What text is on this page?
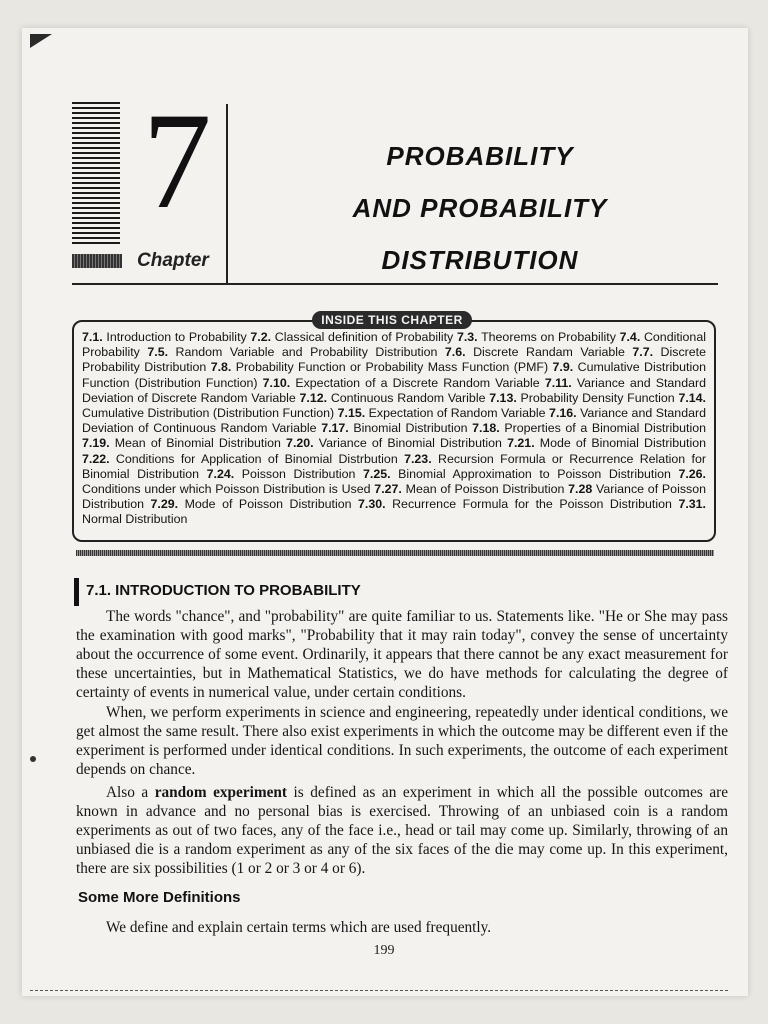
7
Chapter
PROBABILITY
AND PROBABILITY
DISTRIBUTION
INSIDE THIS CHAPTER
7.1. Introduction to Probability 7.2. Classical definition of Probability 7.3. Theorems on Probability 7.4. Conditional Probability 7.5. Random Variable and Probability Distribution 7.6. Discrete Randam Variable 7.7. Discrete Probability Distribution 7.8. Probability Function or Probability Mass Function (PMF) 7.9. Cumulative Distribution Function (Distribution Function) 7.10. Expectation of a Discrete Random Variable 7.11. Variance and Standard Deviation of Discrete Random Variable 7.12. Continuous Random Varible 7.13. Probability Density Function 7.14. Cumulative Distribution (Distribution Function) 7.15. Expectation of Random Variable 7.16. Variance and Standard Deviation of Continuous Random Variable 7.17. Binomial Distribution 7.18. Properties of a Binomial Distribution 7.19. Mean of Binomial Distribution 7.20. Variance of Binomial Distribution 7.21. Mode of Binomial Distribution 7.22. Conditions for Application of Binomial Distrbution 7.23. Recursion Formula or Recurrence Relation for Binomial Distribution 7.24. Poisson Distribution 7.25. Binomial Approximation to Poisson Distribution 7.26. Conditions under which Poisson Distribution is Used 7.27. Mean of Poisson Distribution 7.28 Variance of Poisson Distribution 7.29. Mode of Poisson Distribution 7.30. Recurrence Formula for the Poisson Distribution 7.31. Normal Distribution
7.1. INTRODUCTION TO PROBABILITY

The words "chance", and "probability" are quite familiar to us. Statements like. "He or She may pass the examination with good marks", "Probability that it may rain today", convey the sense of uncertainty about the occurrence of some event. Ordinarily, it appears that there cannot be any exact measurement for these uncertainties, but in Mathematical Statistics, we do have methods for calculating the degree of certainty of events in numerical value, under certain conditions.

When, we perform experiments in science and engineering, repeatedly under identical conditions, we get almost the same result. There also exist experiments in which the outcome may be different even if the experiment is performed under identical conditions. In such experiments, the outcome of each experiment depends on chance.

Also a random experiment is defined as an experiment in which all the possible outcomes are known in advance and no personal bias is exercised. Throwing of an unbiased coin is a random experiments as out of two faces, any of the face i.e., head or tail may come up. Similarly, throwing of an unbiased die is a random experiment as any of the six faces of the die may come up. In this experiment, there are six possibilities (1 or 2 or 3 or 4 or 6).

Some More Definitions

We define and explain certain terms which are used frequently.

199
